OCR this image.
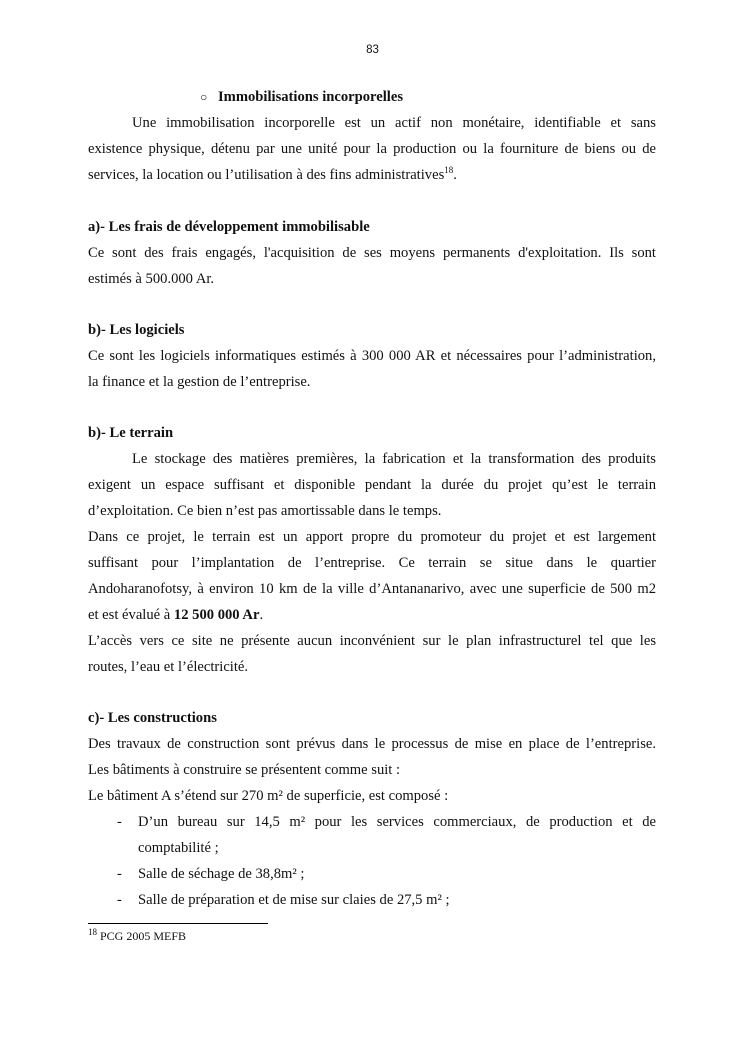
83
○ Immobilisations incorporelles
Une immobilisation incorporelle est un actif non monétaire, identifiable et sans
existence physique, détenu par une unité pour la production ou la fourniture de biens ou de
services, la location ou l’utilisation à des fins administratives$^{18}$.
a)- Les frais de développement immobilisable
Ce sont des frais engagés, l'acquisition de ses moyens permanents d'exploitation. Ils sont
estimés à 500.000 Ar.
b)- Les logiciels
Ce sont les logiciels informatiques estimés à 300 000 AR et nécessaires pour l’administration,
la finance et la gestion de l’entreprise.
b)- Le terrain
Le stockage des matières premières, la fabrication et la transformation des produits
exigent un espace suffisant et disponible pendant la durée du projet qu’est le terrain
d’exploitation. Ce bien n’est pas amortissable dans le temps.
Dans ce projet, le terrain est un apport propre du promoteur du projet et est largement
suffisant pour l’implantation de l’entreprise. Ce terrain se situe dans le quartier
Andoharanofotsy, à environ 10 km de la ville d’Antananarivo, avec une superficie de 500 m2
et est évalué à 12 500 000 Ar.
L’accès vers ce site ne présente aucun inconvénient sur le plan infrastructurel tel que les
routes, l’eau et l’électricité.
c)- Les constructions
Des travaux de construction sont prévus dans le processus de mise en place de l’entreprise.
Les bâtiments à construire se présentent comme suit :
Le bâtiment A s’étend sur 270 m² de superficie, est composé :
- D’un bureau sur 14,5 m² pour les services commerciaux, de production et de
comptabilité ;
- Salle de séchage de 38,8m² ;
- Salle de préparation et de mise sur claies de 27,5 m² ;
$^{18}$ PCG 2005 MEFB
